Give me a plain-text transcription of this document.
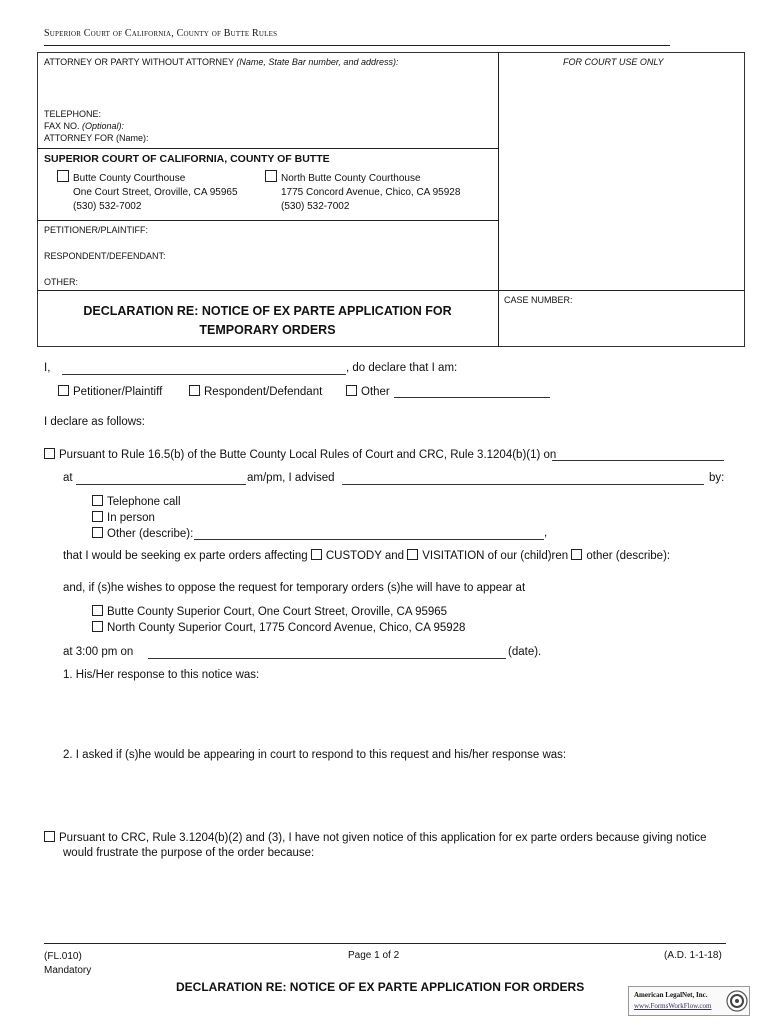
Superior Court of California, County of Butte Rules
ATTORNEY OR PARTY WITHOUT ATTORNEY (Name, State Bar number, and address):	FOR COURT USE ONLY
TELEPHONE:
FAX NO. (Optional):
ATTORNEY FOR (Name):
SUPERIOR COURT OF CALIFORNIA, COUNTY OF BUTTE
Butte County Courthouse
One Court Street, Oroville, CA 95965
(530) 532-7002
North Butte County Courthouse
1775 Concord Avenue, Chico, CA 95928
(530) 532-7002
PETITIONER/PLAINTIFF:
RESPONDENT/DEFENDANT:
OTHER:
DECLARATION RE: NOTICE OF EX PARTE APPLICATION FOR
TEMPORARY ORDERS
CASE NUMBER:
I,	, do declare that I am:
Petitioner/Plaintiff	Respondent/Defendant	Other
I declare as follows:
Pursuant to Rule 16.5(b) of the Butte County Local Rules of Court and CRC, Rule 3.1204(b)(1) on
at	am/pm, I advised	by:
Telephone call
In person
Other (describe):	,
that I would be seeking ex parte orders affecting CUSTODY and VISITATION of our (child)ren other (describe):
and, if (s)he wishes to oppose the request for temporary orders (s)he will have to appear at
Butte County Superior Court, One Court Street, Oroville, CA 95965
North County Superior Court, 1775 Concord Avenue, Chico, CA 95928
at 3:00 pm on	(date).
1. His/Her response to this notice was:
2. I asked if (s)he would be appearing in court to respond to this request and his/her response was:
Pursuant to CRC, Rule 3.1204(b)(2) and (3), I have not given notice of this application for ex parte orders because giving notice
would frustrate the purpose of the order because:
(FL.010)
Mandatory
Page 1 of 2	(A.D. 1-1-18)
DECLARATION RE: NOTICE OF EX PARTE APPLICATION FOR ORDERS
American LegalNet, Inc.
www.FormsWorkFlow.com
